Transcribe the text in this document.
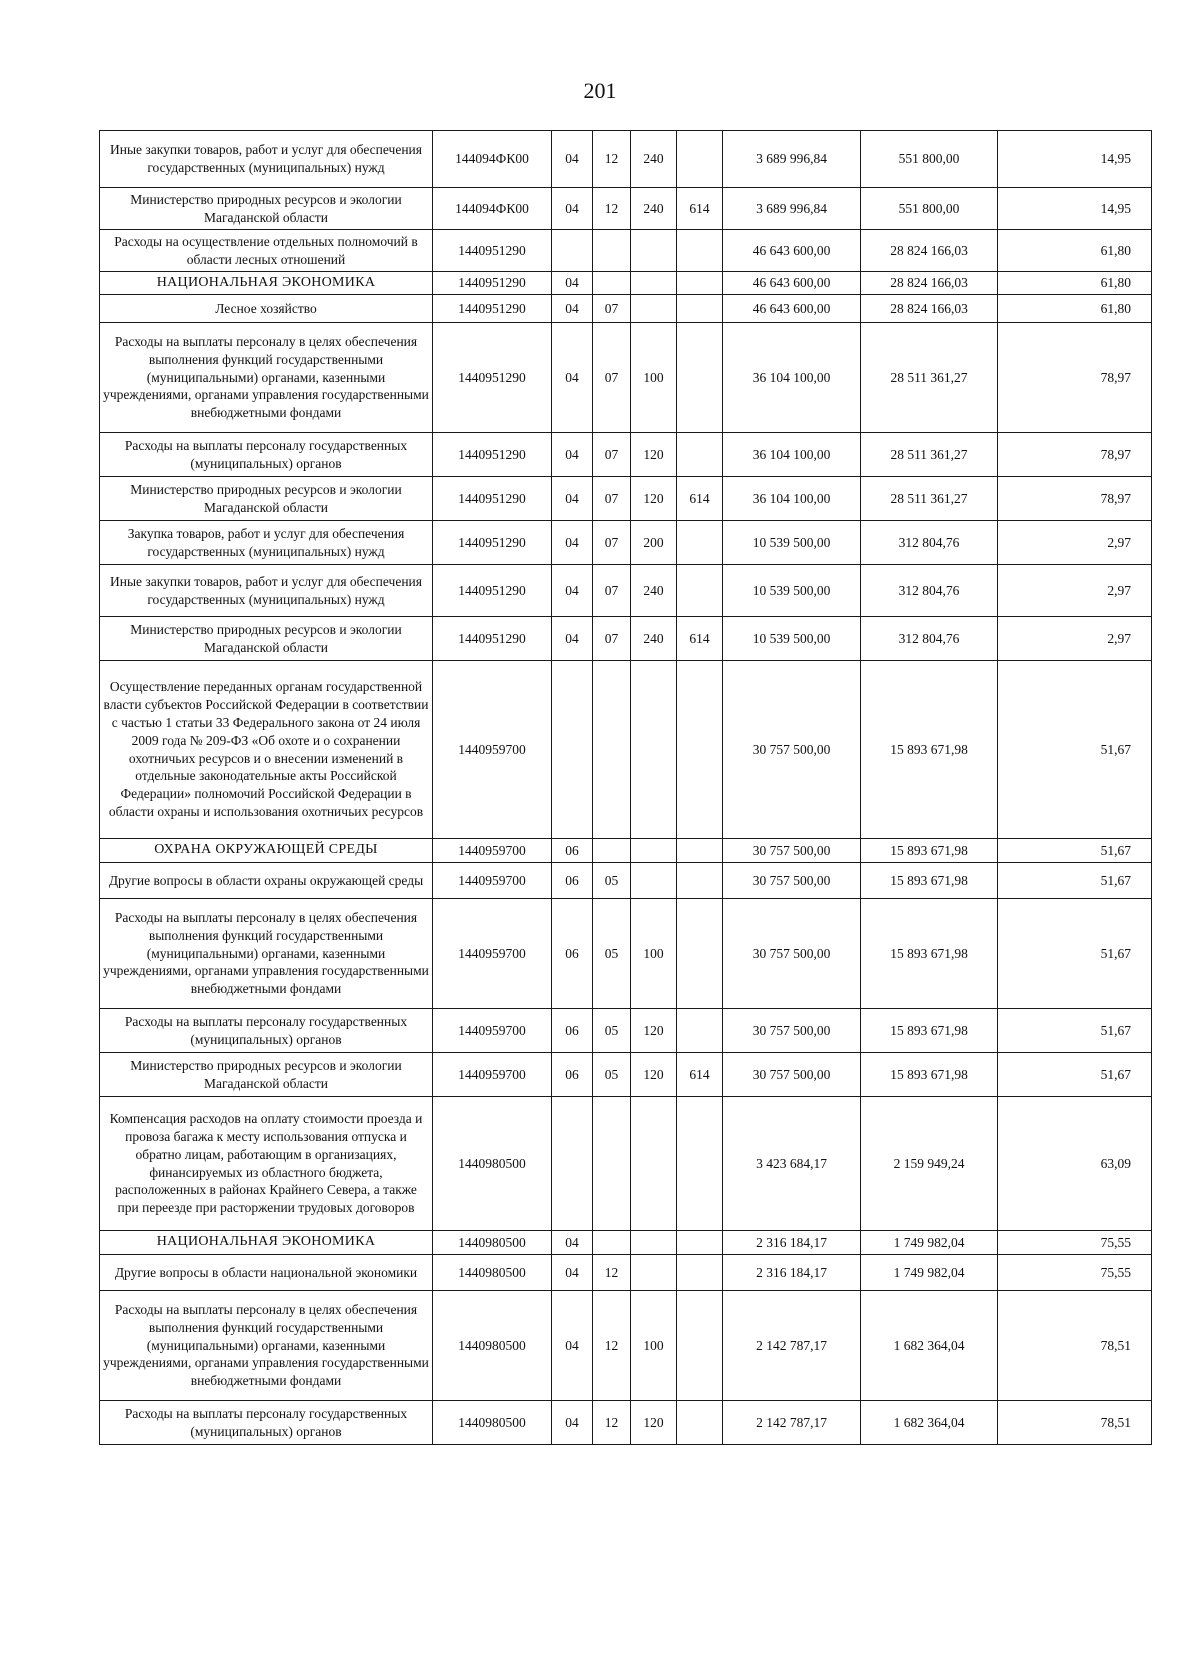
201
Иные закупки товаров, работ и услуг для обеспечения государственных (муниципальных) нужд	144094ФК00	04	12	240		3 689 996,84	551 800,00	14,95
Министерство природных ресурсов и экологии Магаданской области	144094ФК00	04	12	240	614	3 689 996,84	551 800,00	14,95
Расходы на осуществление отдельных полномочий в области лесных отношений	1440951290					46 643 600,00	28 824 166,03	61,80
НАЦИОНАЛЬНАЯ ЭКОНОМИКА	1440951290	04				46 643 600,00	28 824 166,03	61,80
Лесное хозяйство	1440951290	04	07			46 643 600,00	28 824 166,03	61,80
Расходы на выплаты персоналу в целях обеспечения выполнения функций государственными (муниципальными) органами, казенными учреждениями, органами управления государственными внебюджетными фондами	1440951290	04	07	100		36 104 100,00	28 511 361,27	78,97
Расходы на выплаты персоналу государственных (муниципальных) органов	1440951290	04	07	120		36 104 100,00	28 511 361,27	78,97
Министерство природных ресурсов и экологии Магаданской области	1440951290	04	07	120	614	36 104 100,00	28 511 361,27	78,97
Закупка товаров, работ и услуг для обеспечения государственных (муниципальных) нужд	1440951290	04	07	200		10 539 500,00	312 804,76	2,97
Иные закупки товаров, работ и услуг для обеспечения государственных (муниципальных) нужд	1440951290	04	07	240		10 539 500,00	312 804,76	2,97
Министерство природных ресурсов и экологии Магаданской области	1440951290	04	07	240	614	10 539 500,00	312 804,76	2,97
Осуществление переданных органам государственной власти субъектов Российской Федерации в соответствии с частью 1 статьи 33 Федерального закона от 24 июля 2009 года № 209-ФЗ «Об охоте и о сохранении охотничьих ресурсов и о внесении изменений в отдельные законодательные акты Российской Федерации» полномочий Российской Федерации в области охраны и использования охотничьих ресурсов	1440959700					30 757 500,00	15 893 671,98	51,67
ОХРАНА ОКРУЖАЮЩЕЙ СРЕДЫ	1440959700	06				30 757 500,00	15 893 671,98	51,67
Другие вопросы в области охраны окружающей среды	1440959700	06	05			30 757 500,00	15 893 671,98	51,67
Расходы на выплаты персоналу в целях обеспечения выполнения функций государственными (муниципальными) органами, казенными учреждениями, органами управления государственными внебюджетными фондами	1440959700	06	05	100		30 757 500,00	15 893 671,98	51,67
Расходы на выплаты персоналу государственных (муниципальных) органов	1440959700	06	05	120		30 757 500,00	15 893 671,98	51,67
Министерство природных ресурсов и экологии Магаданской области	1440959700	06	05	120	614	30 757 500,00	15 893 671,98	51,67
Компенсация расходов на оплату стоимости проезда и провоза багажа к месту использования отпуска и обратно лицам, работающим в организациях, финансируемых из областного бюджета, расположенных в районах Крайнего Севера, а также при переезде при расторжении трудовых договоров	1440980500					3 423 684,17	2 159 949,24	63,09
НАЦИОНАЛЬНАЯ ЭКОНОМИКА	1440980500	04				2 316 184,17	1 749 982,04	75,55
Другие вопросы в области национальной экономики	1440980500	04	12			2 316 184,17	1 749 982,04	75,55
Расходы на выплаты персоналу в целях обеспечения выполнения функций государственными (муниципальными) органами, казенными учреждениями, органами управления государственными внебюджетными фондами	1440980500	04	12	100		2 142 787,17	1 682 364,04	78,51
Расходы на выплаты персоналу государственных (муниципальных) органов	1440980500	04	12	120		2 142 787,17	1 682 364,04	78,51
